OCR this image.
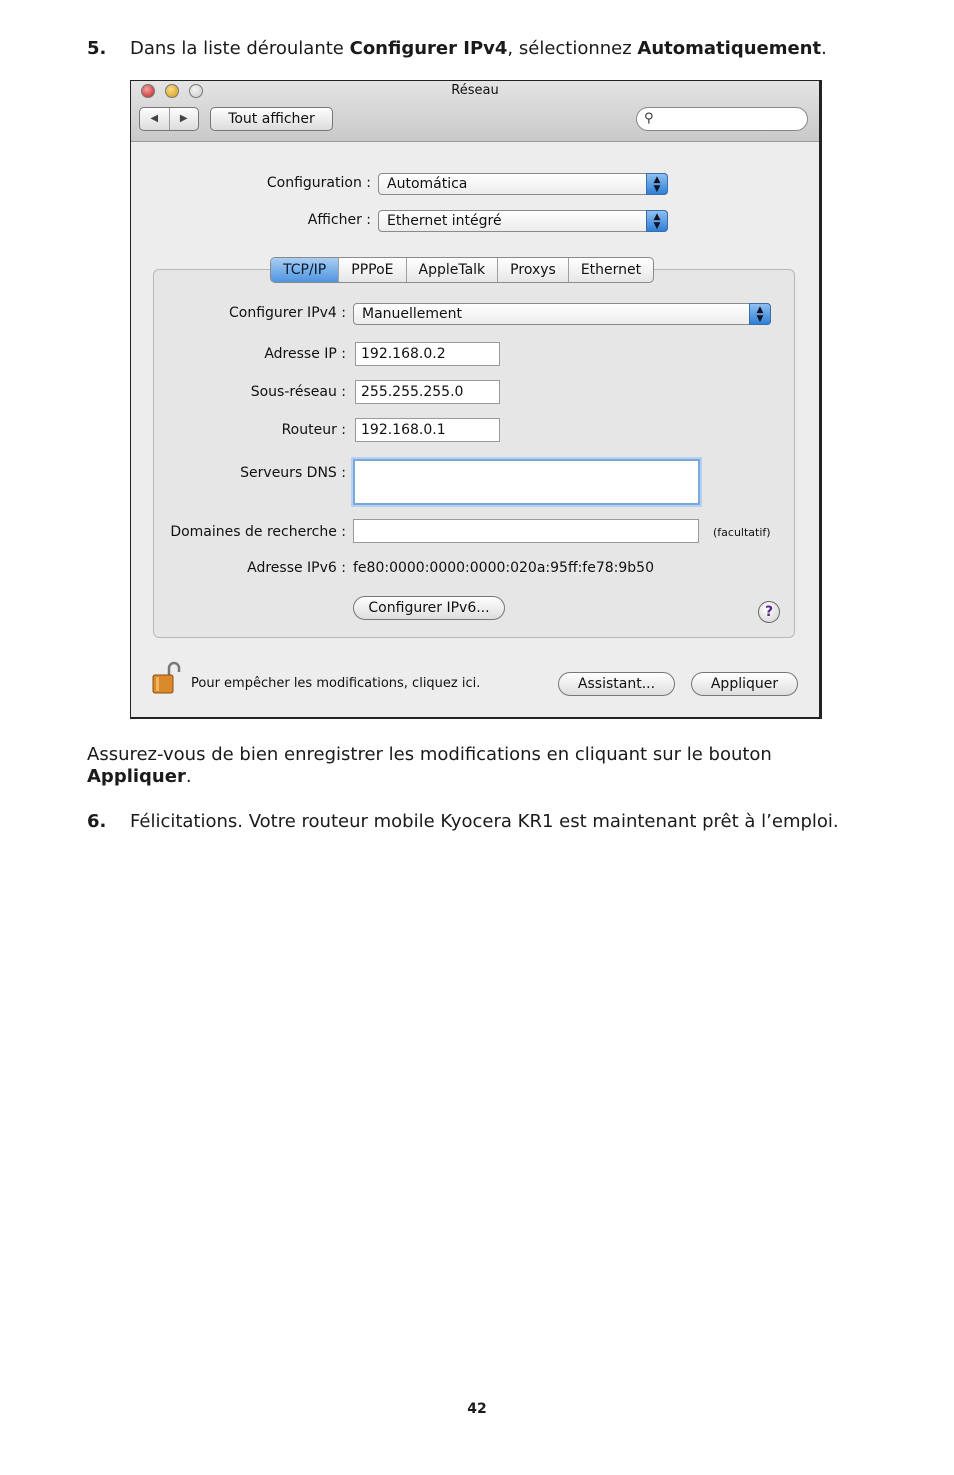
5. Dans la liste déroulante Configurer IPv4, sélectionnez Automatiquement.
Réseau
◀	▶	Tout afficher	⚲
Configuration :	Automática	▲
▼
Afficher :	Ethernet intégré	▲
▼
TCP/IP	PPPoE	AppleTalk	Proxys	Ethernet
Configurer IPv4 :	Manuellement	▲
▼
Adresse IP :	192.168.0.2
Sous-réseau :	255.255.255.0
Routeur :	192.168.0.1
Serveurs DNS :
Domaines de recherche :	(facultatif)
Adresse IPv6 : fe80:0000:0000:0000:020a:95ff:fe78:9b50
Configurer IPv6...	?
Pour empêcher les modifications, cliquez ici.	Assistant...	Appliquer
Assurez-vous de bien enregistrer les modifications en cliquant sur le bouton Appliquer.
6. Félicitations. Votre routeur mobile Kyocera KR1 est maintenant prêt à l’emploi.
42
